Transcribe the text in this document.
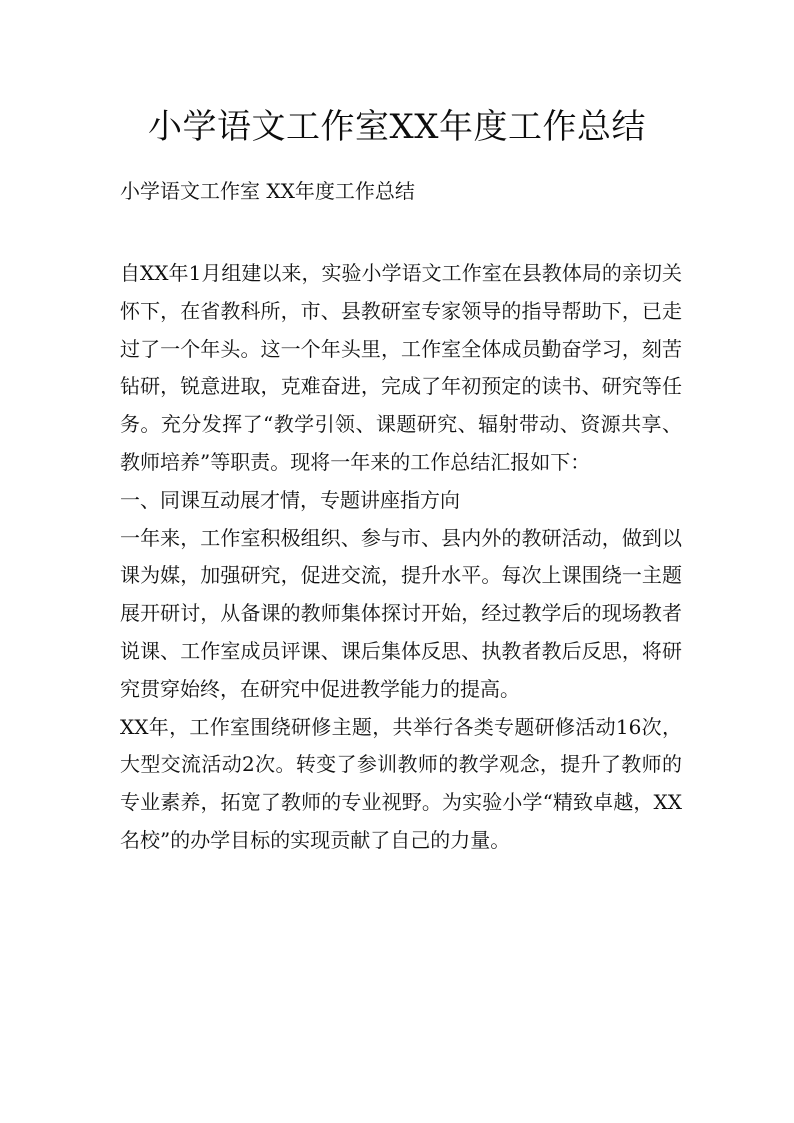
小学语文工作室XX年度工作总结
小学语文工作室 XX年度工作总结

自XX年1月组建以来，实验小学语文工作室在县教体局的亲切关怀下，在省教科所，市、县教研室专家领导的指导帮助下，已走过了一个年头。这一个年头里，工作室全体成员勤奋学习，刻苦钻研，锐意进取，克难奋进，完成了年初预定的读书、研究等任务。充分发挥了“教学引领、课题研究、辐射带动、资源共享、教师培养”等职责。现将一年来的工作总结汇报如下：

一、同课互动展才情，专题讲座指方向

一年来，工作室积极组织、参与市、县内外的教研活动，做到以课为媒，加强研究，促进交流，提升水平。每次上课围绕一主题展开研讨，从备课的教师集体探讨开始，经过教学后的现场教者说课、工作室成员评课、课后集体反思、执教者教后反思，将研究贯穿始终，在研究中促进教学能力的提高。

XX年，工作室围绕研修主题，共举行各类专题研修活动16次，大型交流活动2次。转变了参训教师的教学观念，提升了教师的专业素养，拓宽了教师的专业视野。为实验小学“精致卓越，XX名校”的办学目标的实现贡献了自己的力量。
